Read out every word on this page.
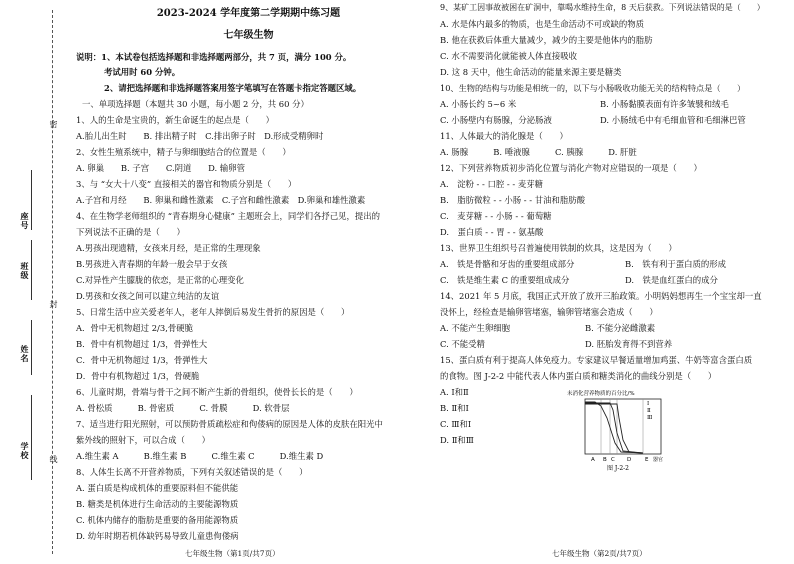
密
封
线
座号
班级
姓名
学校
2023-2024 学年度第二学期期中练习题
七年级生物
说明：1、本试卷包括选择题和非选择题两部分，共 7 页，满分 100 分。
考试用时 60 分钟。
2、请把选择题和非选择题答案用签字笔填写在答题卡指定答题区域。
一、单项选择题（本题共 30 小题，每小题 2 分，共 60 分）
1、人的生命是宝贵的，新生命诞生的起点是（　　）
A.胎儿出生时　　B. 排出精子时　C.排出卵子时　D.形成受精卵时
2、女性生殖系统中，精子与卵细胞结合的位置是（　　）
A. 卵巢　　B. 子宫　　C.阴道　　D. 输卵管
3、与 “女大十八变” 直接相关的器官和物质分别是（　　）
A.子宫和月经　　B. 卵巢和雌性激素　C.子宫和雌性激素　D.卵巢和雄性激素
4、在生物学老师组织的 “青春期身心健康” 主题班会上，同学们各抒己见，提出的
下列说法不正确的是（　　）
A.男孩出现遗精，女孩来月经，是正常的生理现象
B.男孩进入青春期的年龄一般会早于女孩
C.对异性产生朦胧的依恋，是正常的心理变化
D.男孩和女孩之间可以建立纯洁的友谊
5、日常生活中应关爱老年人，老年人摔倒后易发生骨折的原因是（　　）
A．骨中无机物超过 2/3,骨硬脆
B．骨中有机物超过 1/3，骨弹性大
C．骨中无机物超过 1/3，骨弹性大
D．骨中有机物超过 1/3，骨硬脆
6、儿童时期，骨端与骨干之间不断产生新的骨组织，使骨长长的是（　　）
A. 骨松质　　　B. 骨密质　　　C. 骨膜　　　D. 软骨层
7、适当进行阳光照射，可以预防骨质疏松症和佝偻病的原因是人体的皮肤在阳光中
紫外线的照射下，可以合成（　　）
A.维生素 A　　　B.维生素 B　　　C.维生素 C　　　D.维生素 D
8、人体生长离不开营养物质，下列有关叙述错误的是（　　）
A. 蛋白质是构成机体的重要原料但不能供能
B. 糖类是机体进行生命活动的主要能源物质
C. 机体内储存的脂肪是重要的备用能源物质
D. 幼年时期若机体缺钙易导致儿童患佝偻病
七年级生物（第1页/共7页）
9、某矿工因事故被困在矿洞中，靠喝水维持生命，8 天后获救。下列说法错误的是（　　）
A. 水是体内最多的物质，也是生命活动不可或缺的物质
B. 他在获救后体重大量减少，减少的主要是他体内的脂肪
C. 水不需要消化就能被人体直接吸收
D. 这 8 天中，他生命活动的能量来源主要是糖类
10、生物的结构与功能是相统一的，以下与小肠吸收功能无关的结构特点是（　　）
A. 小肠长约 5~6 米	B. 小肠黏膜表面有许多皱襞和绒毛
C. 小肠壁内有肠腺，分泌肠液	D. 小肠绒毛中有毛细血管和毛细淋巴管
11、人体最大的消化腺是（　　）
A. 肠腺　　　B. 唾液腺　　　C. 胰腺　　　D. 肝脏
12、下列营养物质初步消化位置与消化产物对应错误的一项是（　　）
A.　淀粉 - - 口腔 - - 麦芽糖
B.　脂肪微粒 - - 小肠 - - 甘油和脂肪酸
C.　麦芽糖 - - 小肠 - - 葡萄糖
D.　蛋白质 - - 胃 - - 氨基酸
13、世界卫生组织号召普遍使用铁制的炊具，这是因为（　　）
A.　铁是骨骼和牙齿的重要组成部分	B.　铁有利于蛋白质的形成
C.　铁是维生素 C 的重要组成成分	D.　铁是血红蛋白的成分
14、2021 年 5 月底，我国正式开放了放开三胎政策。小明妈妈想再生一个宝宝却一直
没怀上，经检查是输卵管堵塞，输卵管堵塞会造成（　　）
A. 不能产生卵细胞	B. 不能分泌雌激素
C. 不能受精	D. 胚胎发育得不到营养
15、蛋白质有利于提高人体免疫力。专家建议早餐适量增加鸡蛋、牛奶等富含蛋白质
的食物。图 J-2-2 中能代表人体内蛋白质和糖类消化的曲线分别是（　　）
A. Ⅰ和Ⅱ
B. Ⅱ和Ⅰ
C. Ⅲ和Ⅰ
D. Ⅱ和Ⅲ
未消化营养物质的百分比/%
Ⅰ
Ⅱ
Ⅲ
A B C D	E 器官
图 J-2-2
七年级生物（第2页/共7页）
